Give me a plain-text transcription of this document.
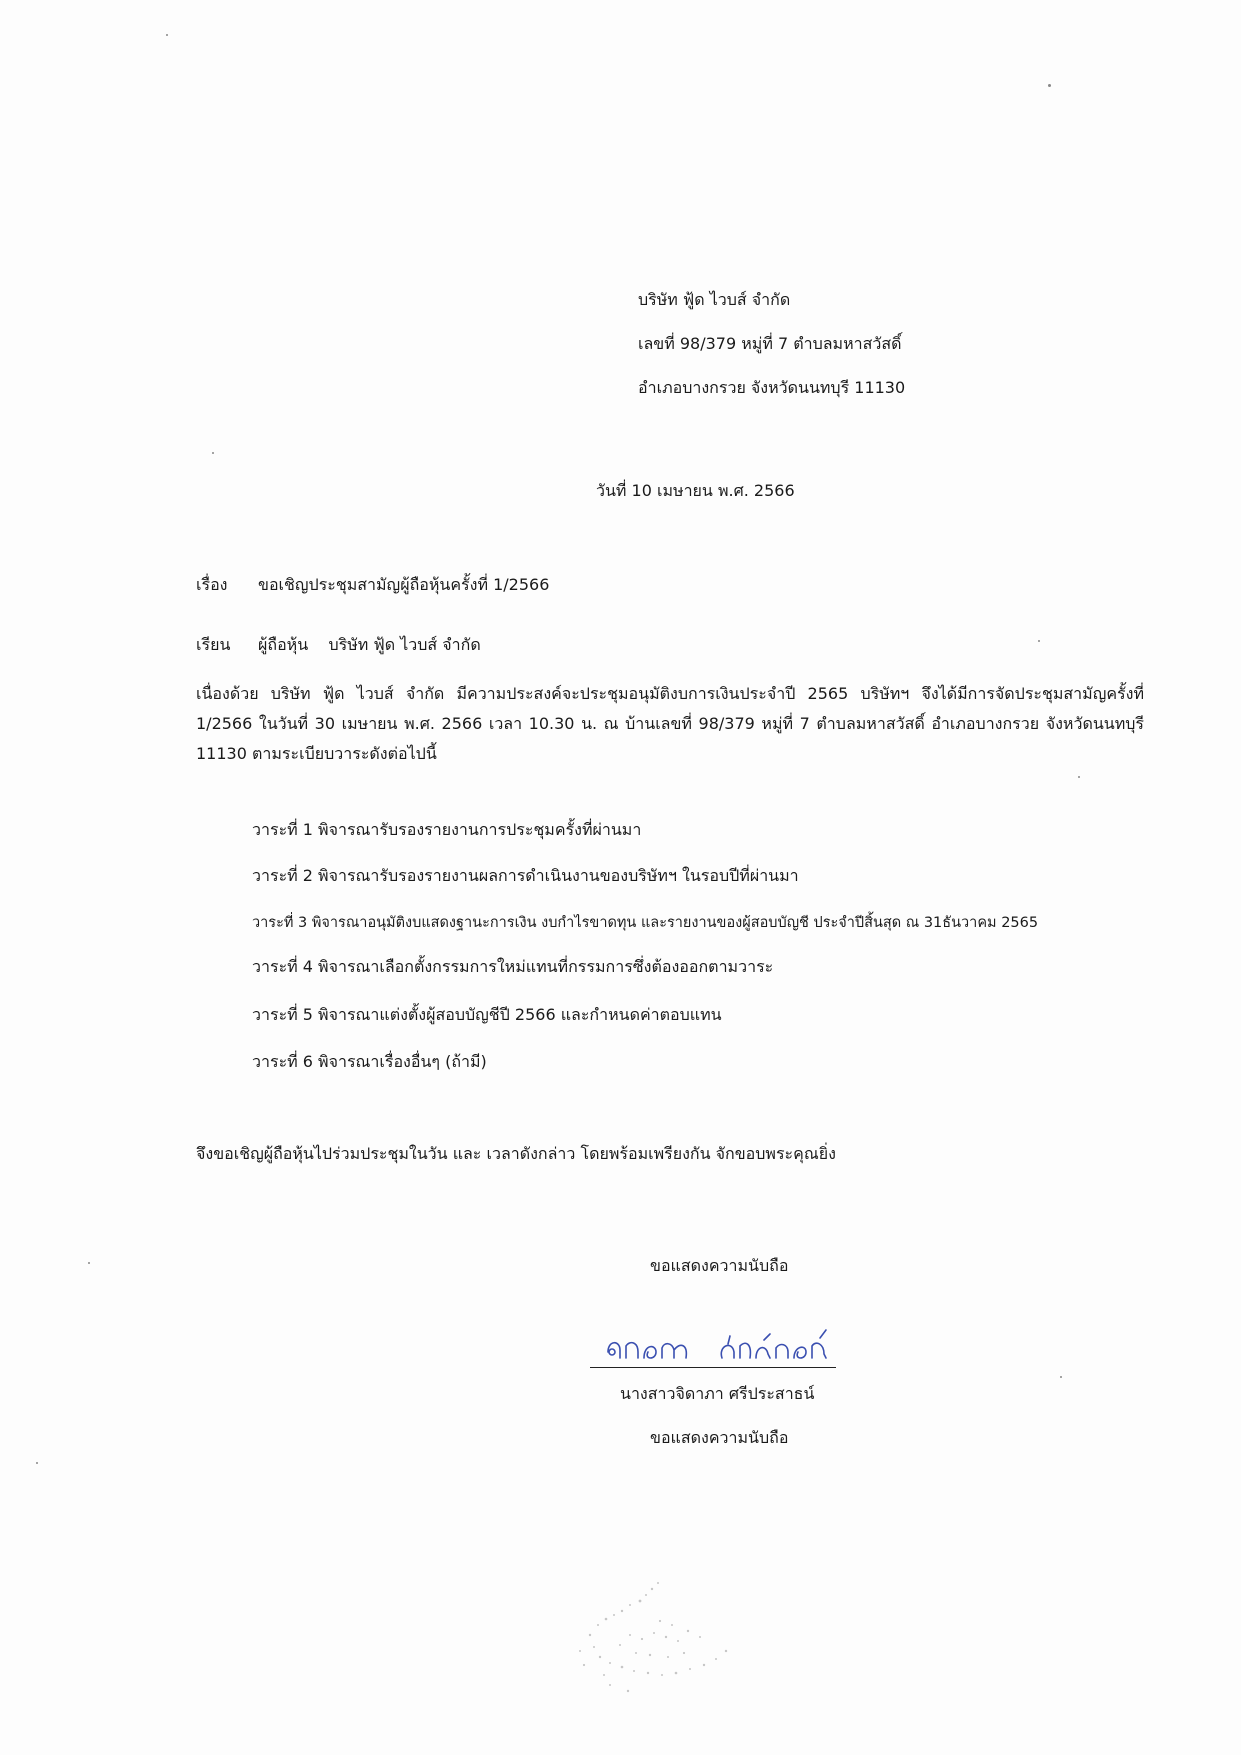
บริษัท ฟู้ด ไวบส์ จำกัด
เลขที่ 98/379 หมู่ที่ 7 ตำบลมหาสวัสดิ์
อำเภอบางกรวย จังหวัดนนทบุรี 11130
วันที่ 10 เมษายน พ.ศ. 2566
เรื่อง ขอเชิญประชุมสามัญผู้ถือหุ้นครั้งที่ 1/2566
เรียน ผู้ถือหุ้น    บริษัท ฟู้ด ไวบส์ จำกัด
เนื่องด้วย บริษัท ฟู้ด ไวบส์ จำกัด มีความประสงค์จะประชุมอนุมัติงบการเงินประจำปี 2565 บริษัทฯ จึงได้มีการจัดประชุมสามัญครั้งที่ 1/2566 ในวันที่ 30 เมษายน พ.ศ. 2566 เวลา 10.30 น. ณ บ้านเลขที่ 98/379 หมู่ที่ 7 ตำบลมหาสวัสดิ์ อำเภอบางกรวย จังหวัดนนทบุรี 11130 ตามระเบียบวาระดังต่อไปนี้
วาระที่ 1 พิจารณารับรองรายงานการประชุมครั้งที่ผ่านมา
วาระที่ 2 พิจารณารับรองรายงานผลการดำเนินงานของบริษัทฯ ในรอบปีที่ผ่านมา
วาระที่ 3 พิจารณาอนุมัติงบแสดงฐานะการเงิน งบกำไรขาดทุน และรายงานของผู้สอบบัญชี ประจำปีสิ้นสุด ณ 31ธันวาคม 2565
วาระที่ 4 พิจารณาเลือกตั้งกรรมการใหม่แทนที่กรรมการซึ่งต้องออกตามวาระ
วาระที่ 5 พิจารณาแต่งตั้งผู้สอบบัญชีปี 2566 และกำหนดค่าตอบแทน
วาระที่ 6 พิจารณาเรื่องอื่นๆ (ถ้ามี)
จึงขอเชิญผู้ถือหุ้นไปร่วมประชุมในวัน และ เวลาดังกล่าว โดยพร้อมเพรียงกัน จักขอบพระคุณยิ่ง
ขอแสดงความนับถือ
นางสาวจิดาภา ศรีประสาธน์
ขอแสดงความนับถือ
